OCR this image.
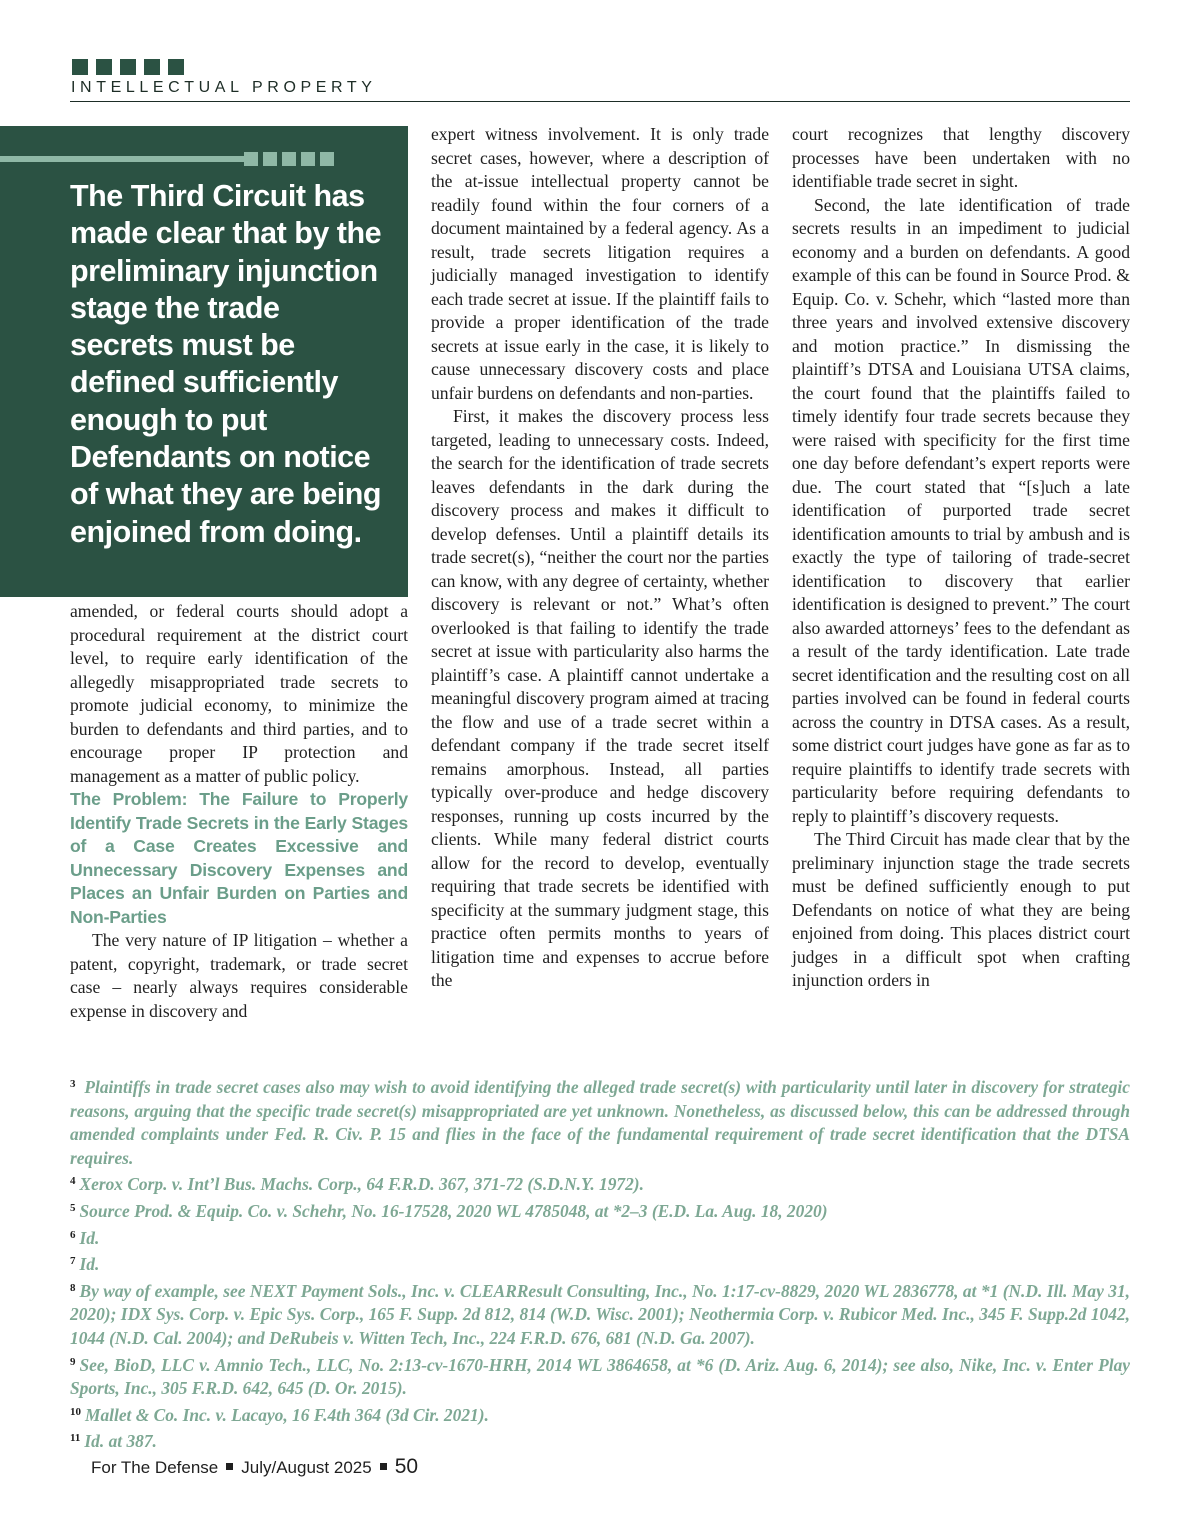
INTELLECTUAL PROPERTY

The Third Circuit has made clear that by the preliminary injunction stage the trade secrets must be defined sufficiently enough to put Defendants on notice of what they are being enjoined from doing.

amended, or federal courts should adopt a procedural requirement at the district court level, to require early identification of the allegedly misappropriated trade secrets to promote judicial economy, to minimize the burden to defendants and third parties, and to encourage proper IP protection and management as a matter of public policy.

The Problem: The Failure to Properly Identify Trade Secrets in the Early Stages of a Case Creates Excessive and Unnecessary Discovery Expenses and Places an Unfair Burden on Parties and Non-Parties

The very nature of IP litigation – whether a patent, copyright, trademark, or trade secret case – nearly always requires considerable expense in discovery and

expert witness involvement. It is only trade secret cases, however, where a description of the at-issue intellectual property cannot be readily found within the four corners of a document maintained by a federal agency. As a result, trade secrets litigation requires a judicially managed investigation to identify each trade secret at issue. If the plaintiff fails to provide a proper identification of the trade secrets at issue early in the case, it is likely to cause unnecessary discovery costs and place unfair burdens on defendants and non-parties.

First, it makes the discovery process less targeted, leading to unnecessary costs. Indeed, the search for the identification of trade secrets leaves defendants in the dark during the discovery process and makes it difficult to develop defenses. Until a plaintiff details its trade secret(s), “neither the court nor the parties can know, with any degree of certainty, whether discovery is relevant or not.” What’s often overlooked is that failing to identify the trade secret at issue with particularity also harms the plaintiff’s case. A plaintiff cannot undertake a meaningful discovery program aimed at tracing the flow and use of a trade secret within a defendant company if the trade secret itself remains amorphous. Instead, all parties typically over-produce and hedge discovery responses, running up costs incurred by the clients. While many federal district courts allow for the record to develop, eventually requiring that trade secrets be identified with specificity at the summary judgment stage, this practice often permits months to years of litigation time and expenses to accrue before the

court recognizes that lengthy discovery processes have been undertaken with no identifiable trade secret in sight.

Second, the late identification of trade secrets results in an impediment to judicial economy and a burden on defendants. A good example of this can be found in Source Prod. & Equip. Co. v. Schehr, which “lasted more than three years and involved extensive discovery and motion practice.” In dismissing the plaintiff’s DTSA and Louisiana UTSA claims, the court found that the plaintiffs failed to timely identify four trade secrets because they were raised with specificity for the first time one day before defendant’s expert reports were due. The court stated that “[s]uch a late identification of purported trade secret identification amounts to trial by ambush and is exactly the type of tailoring of trade-secret identification to discovery that earlier identification is designed to prevent.” The court also awarded attorneys’ fees to the defendant as a result of the tardy identification. Late trade secret identification and the resulting cost on all parties involved can be found in federal courts across the country in DTSA cases. As a result, some district court judges have gone as far as to require plaintiffs to identify trade secrets with particularity before requiring defendants to reply to plaintiff’s discovery requests.

The Third Circuit has made clear that by the preliminary injunction stage the trade secrets must be defined sufficiently enough to put Defendants on notice of what they are being enjoined from doing. This places district court judges in a difficult spot when crafting injunction orders in

$^3$ Plaintiffs in trade secret cases also may wish to avoid identifying the alleged trade secret(s) with particularity until later in discovery for strategic reasons, arguing that the specific trade secret(s) misappropriated are yet unknown. Nonetheless, as discussed below, this can be addressed through amended complaints under Fed. R. Civ. P. 15 and flies in the face of the fundamental requirement of trade secret identification that the DTSA requires.

$^4$ Xerox Corp. v. Int’l Bus. Machs. Corp., 64 F.R.D. 367, 371-72 (S.D.N.Y. 1972).

$^5$ Source Prod. & Equip. Co. v. Schehr, No. 16-17528, 2020 WL 4785048, at *2–3 (E.D. La. Aug. 18, 2020)

$^6$ Id.

$^7$ Id.

$^8$ By way of example, see NEXT Payment Sols., Inc. v. CLEARResult Consulting, Inc., No. 1:17-cv-8829, 2020 WL 2836778, at *1 (N.D. Ill. May 31, 2020); IDX Sys. Corp. v. Epic Sys. Corp., 165 F. Supp. 2d 812, 814 (W.D. Wisc. 2001); Neothermia Corp. v. Rubicor Med. Inc., 345 F. Supp.2d 1042, 1044 (N.D. Cal. 2004); and DeRubeis v. Witten Tech, Inc., 224 F.R.D. 676, 681 (N.D. Ga. 2007).

$^9$ See, BioD, LLC v. Amnio Tech., LLC, No. 2:13-cv-1670-HRH, 2014 WL 3864658, at *6 (D. Ariz. Aug. 6, 2014); see also, Nike, Inc. v. Enter Play Sports, Inc., 305 F.R.D. 642, 645 (D. Or. 2015).

$^{10}$ Mallet & Co. Inc. v. Lacayo, 16 F.4th 364 (3d Cir. 2021).

$^{11}$ Id. at 387.

For The Defense July/August 2025 50
